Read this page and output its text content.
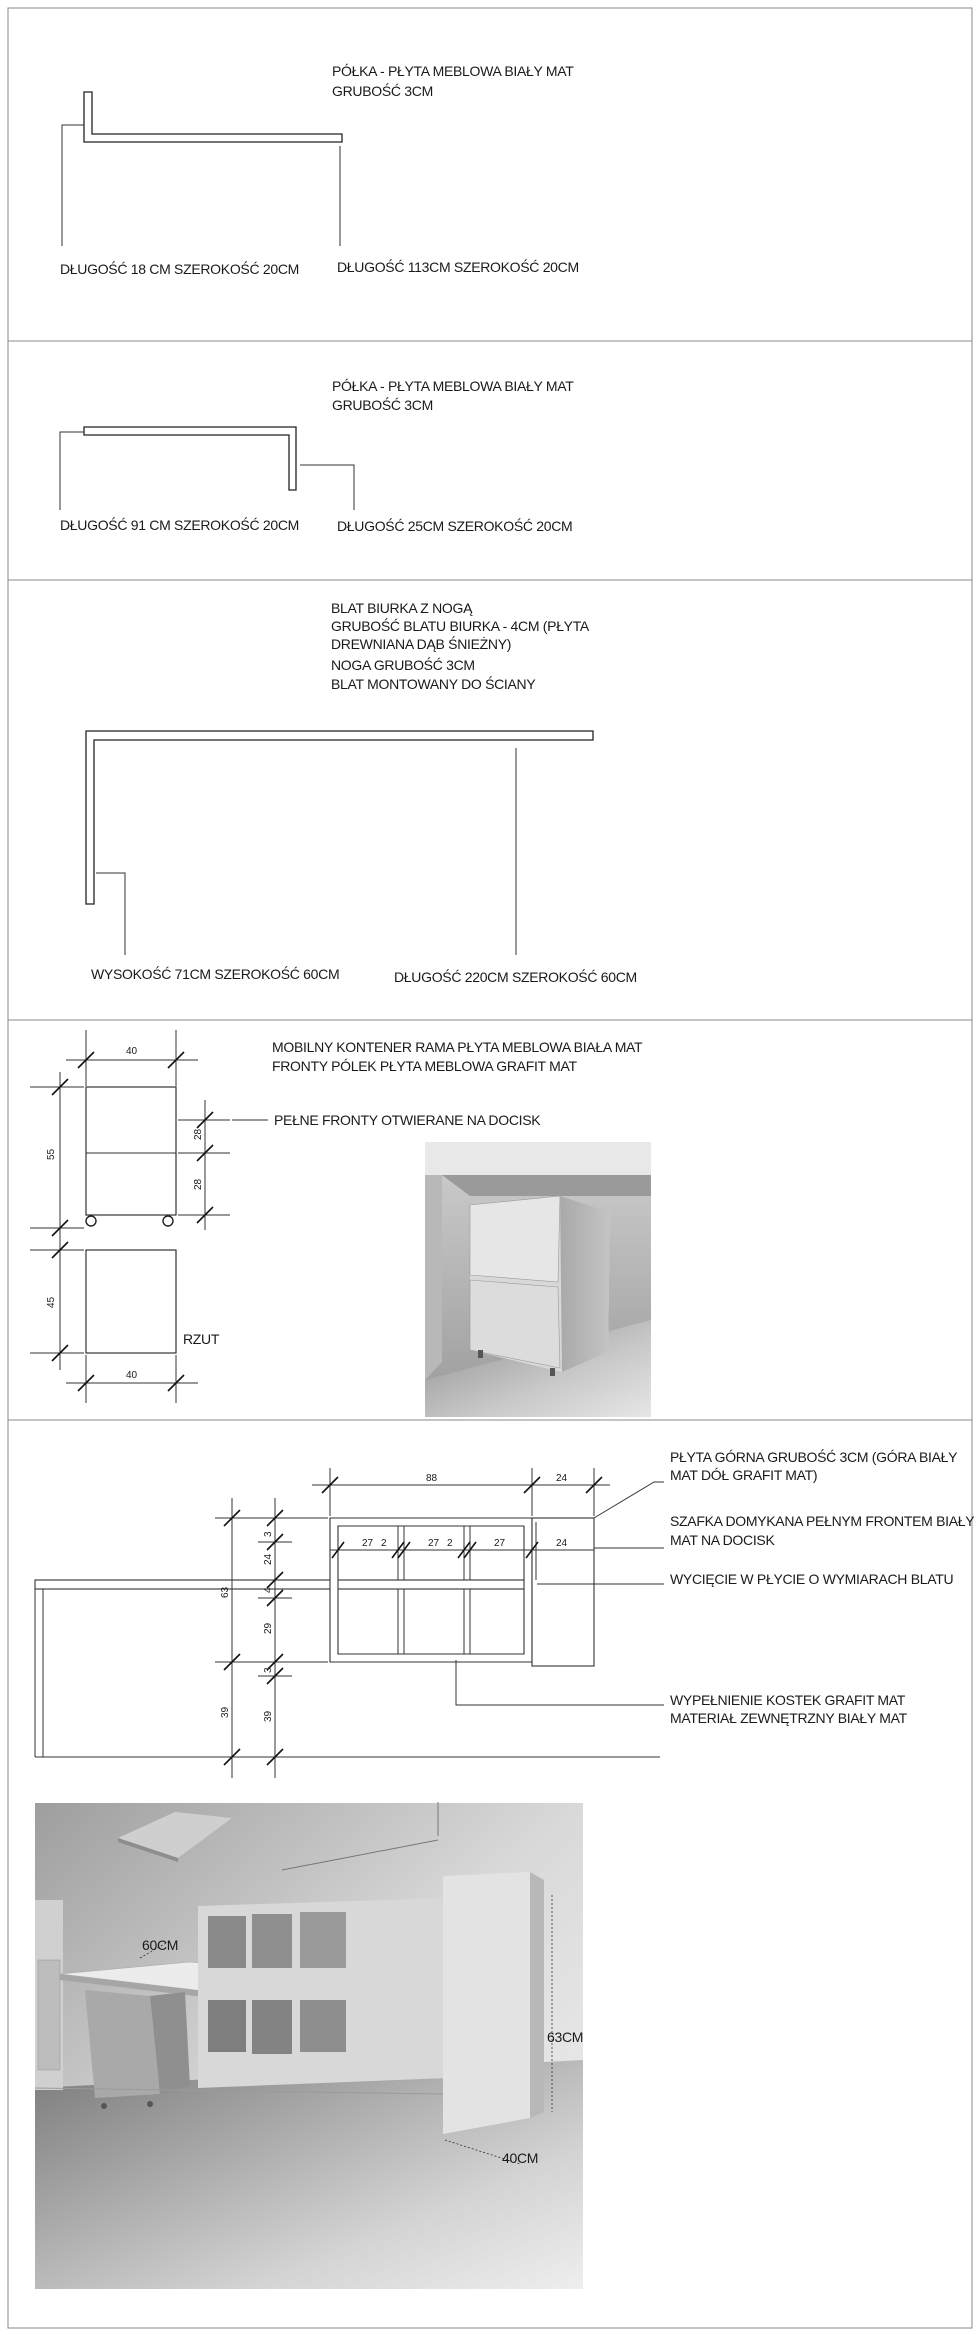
PÓŁKA - PŁYTA MEBLOWA BIAŁY MAT
GRUBOŚĆ 3CM
DŁUGOŚĆ 18 CM SZEROKOŚĆ 20CM	DŁUGOŚĆ 113CM SZEROKOŚĆ 20CM
PÓŁKA - PŁYTA MEBLOWA BIAŁY MAT
GRUBOŚĆ 3CM
DŁUGOŚĆ 91 CM SZEROKOŚĆ 20CM	DŁUGOŚĆ 25CM SZEROKOŚĆ 20CM
BLAT BIURKA Z NOGĄ
GRUBOŚĆ BLATU BIURKA - 4CM (PŁYTA
DREWNIANA DĄB ŚNIEŻNY)
NOGA GRUBOŚĆ 3CM
BLAT MONTOWANY DO ŚCIANY
WYSOKOŚĆ 71CM SZEROKOŚĆ 60CM	DŁUGOŚĆ 220CM SZEROKOŚĆ 60CM
MOBILNY KONTENER RAMA PŁYTA MEBLOWA BIAŁA MAT
FRONTY PÓLEK PŁYTA MEBLOWA GRAFIT MAT
40
55
28
28
PEŁNE FRONTY OTWIERANE NA DOCISK
45
40
RZUT
88	24
27 2	27 2	27	24
63
39
3
24
4
29
3
39
PŁYTA GÓRNA GRUBOŚĆ 3CM (GÓRA BIAŁY
MAT DÓŁ GRAFIT MAT)
SZAFKA DOMYKANA PEŁNYM FRONTEM BIAŁY
MAT NA DOCISK
WYCIĘCIE W PŁYCIE O WYMIARACH BLATU
WYPEŁNIENIE KOSTEK GRAFIT MAT
MATERIAŁ ZEWNĘTRZNY BIAŁY MAT
60CM
63CM
40CM
